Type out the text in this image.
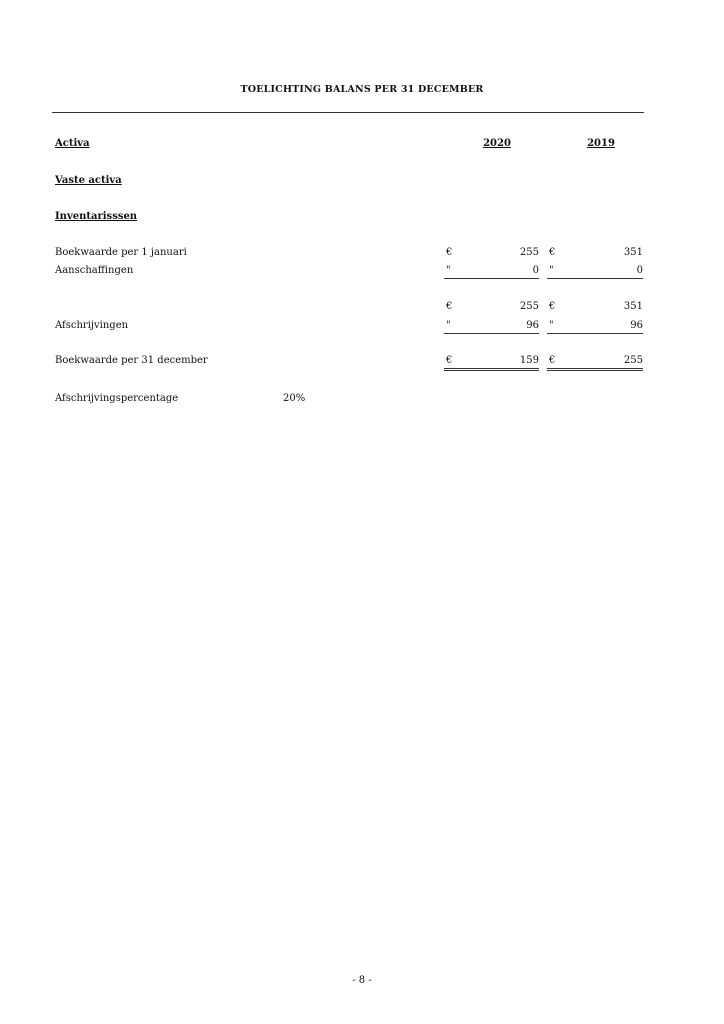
TOELICHTING BALANS PER 31 DECEMBER
Activa	2020	2019
Vaste activa
Inventarisssen
Boekwaarde per 1 januari	€	255 €	351
Aanschaffingen	"	0 "	0
€	255 €	351
Afschrijvingen	"	96 "	96
Boekwaarde per 31 december	€	159 €	255
Afschrijvingspercentage	20%
- 8 -
